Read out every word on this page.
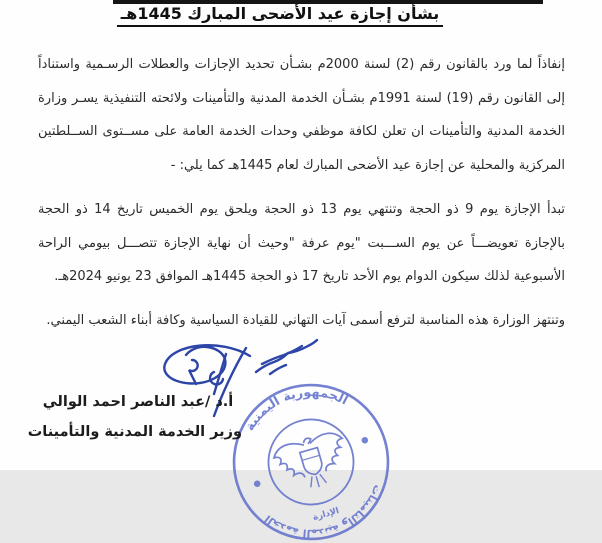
بشأن إجازة عيد الأضحى المبارك 1445هـ
إنفاذاً لما ورد بالقانون رقم (2) لسنة 2000م بشـأن تحديد الإجازات والعطلات الرسـمية واستناداً
إلى القانون رقم (19) لسنة 1991م بشـأن الخدمة المدنية والتأمينات ولائحته التنفيذية يسـر وزارة
الخدمة المدنية والتأمينات ان تعلن لكافة موظفي وحدات الخدمة العامة على مســتوى الســلطتين
المركزية والمحلية عن إجازة عيد الأضحى المبارك لعام 1445هـ كما يلي: -
تبدأ الإجازة يوم 9 ذو الحجة وتنتهي يوم 13 ذو الحجة ويلحق يوم الخميس تاريخ 14 ذو الحجة
بالإجازة تعويضـــاً عن يوم الســـبت "يوم عرفة "وحيث أن نهاية الإجازة تتصـــل بيومي الراحة
الأسبوعية لذلك سيكون الدوام يوم الأحد تاريخ 17 ذو الحجة 1445هـ الموافق 23 يونيو 2024هـ.
وتنتهز الوزارة هذه المناسبة لترفع أسمى آيات التهاني للقيادة السياسية وكافة أبناء الشعب اليمني.
الجمهورية اليمنية
الخدمة المدنية والتأمينات	الإدارة
أ.د /عبد الناصر احمد الوالي
وزير الخدمة المدنية والتأمينات
